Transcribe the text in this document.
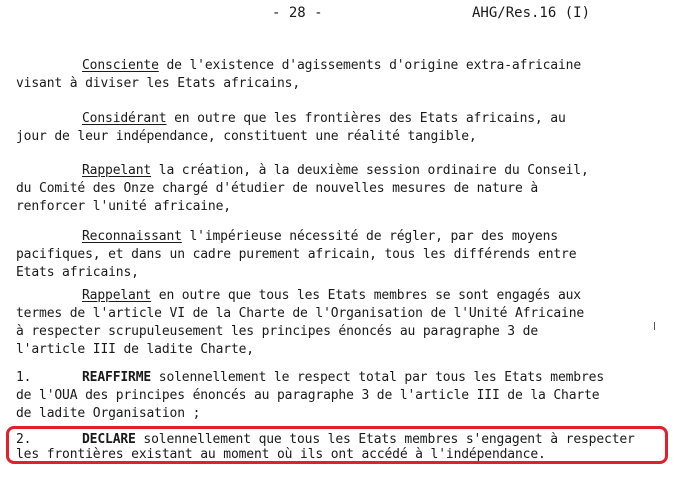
- 28 -	AHG/Res.16 (I)
Consciente de l'existence d'agissements d'origine extra-africaine
visant à diviser les Etats africains,
Considérant en outre que les frontières des Etats africains, au
jour de leur indépendance, constituent une réalité tangible,
Rappelant la création, à la deuxième session ordinaire du Conseil,
du Comité des Onze chargé d'étudier de nouvelles mesures de nature à
renforcer l'unité africaine,
Reconnaissant l'impérieuse nécessité de régler, par des moyens
pacifiques, et dans un cadre purement africain, tous les différends entre
Etats africains,
Rappelant en outre que tous les Etats membres se sont engagés aux
termes de l'article VI de la Charte de l'Organisation de l'Unité Africaine
à respecter scrupuleusement les principes énoncés au paragraphe 3 de
l'article III de ladite Charte,
1.	REAFFIRME solennellement le respect total par tous les Etats membres
de l'OUA des principes énoncés au paragraphe 3 de l'article III de la Charte
de ladite Organisation ;
2.	DECLARE solennellement que tous les Etats membres s'engagent à respecter
les frontières existant au moment où ils ont accédé à l'indépendance.
